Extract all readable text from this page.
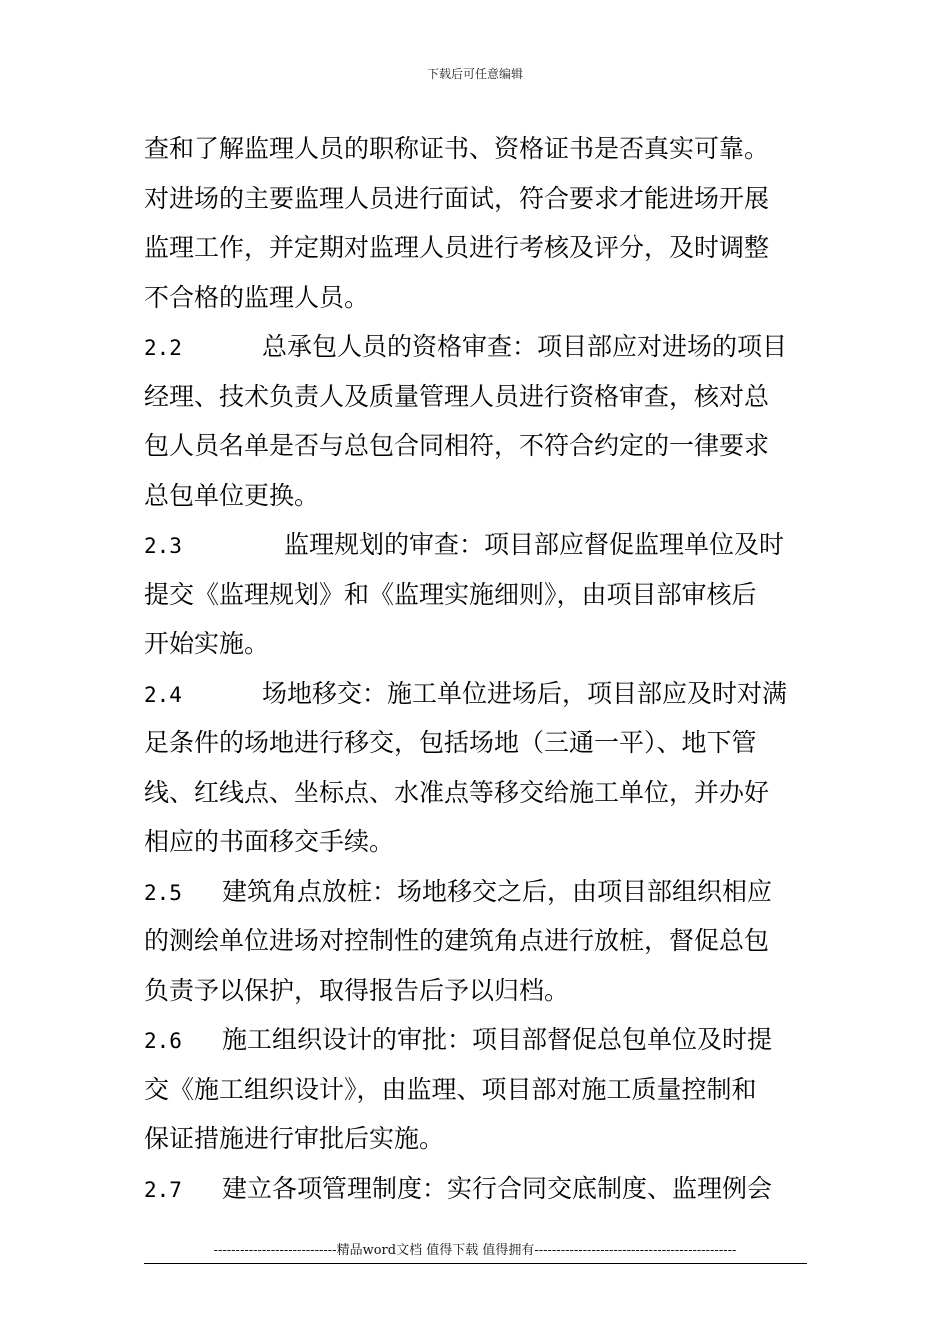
下载后可任意编辑
查和了解监理人员的职称证书、资格证书是否真实可靠。
对进场的主要监理人员进行面试，符合要求才能进场开展
监理工作，并定期对监理人员进行考核及评分，及时调整
不合格的监理人员。
2.2	总承包人员的资格审查：项目部应对进场的项目
经理、技术负责人及质量管理人员进行资格审查，核对总
包人员名单是否与总包合同相符，不符合约定的一律要求
总包单位更换。
2.3	监理规划的审查：项目部应督促监理单位及时
提交《监理规划》和《监理实施细则》，由项目部审核后
开始实施。
2.4	场地移交：施工单位进场后，项目部应及时对满
足条件的场地进行移交，包括场地（三通一平）、地下管
线、红线点、坐标点、水准点等移交给施工单位，并办好
相应的书面移交手续。
2.5 建筑角点放桩：场地移交之后，由项目部组织相应
的测绘单位进场对控制性的建筑角点进行放桩，督促总包
负责予以保护，取得报告后予以归档。
2.6 施工组织设计的审批：项目部督促总包单位及时提
交《施工组织设计》，由监理、项目部对施工质量控制和
保证措施进行审批后实施。
2.7 建立各项管理制度：实行合同交底制度、监理例会
----------------------------精品word文档 值得下载 值得拥有----------------------------------------------
